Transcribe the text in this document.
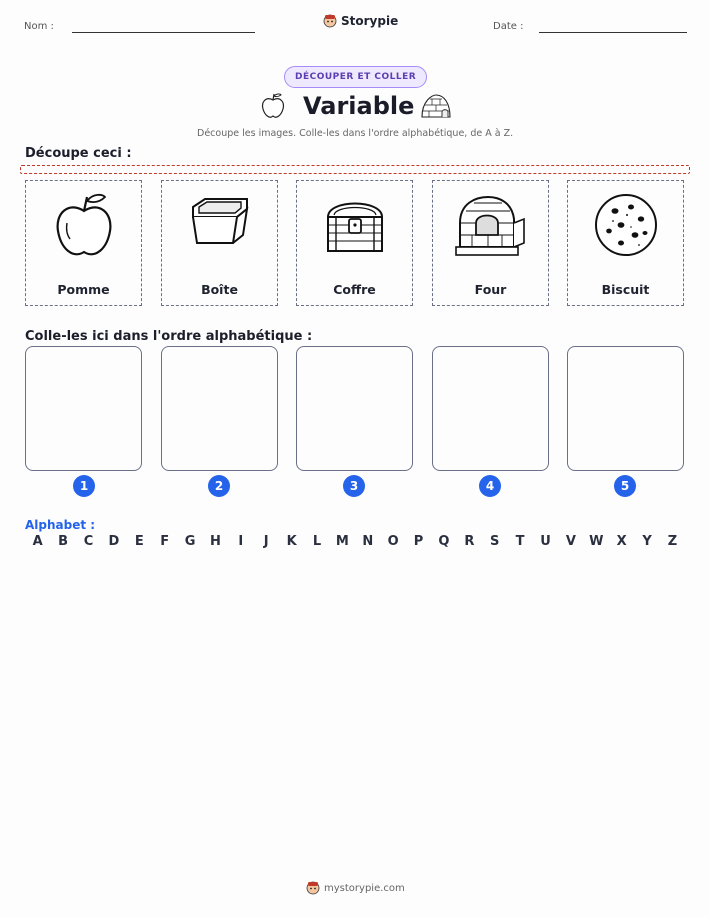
Nom :	Storypie	Date :
DÉCOUPER ET COLLER
Variable
Découpe les images. Colle-les dans l'ordre alphabétique, de A à Z.
Découpe ceci :
Pomme	Boîte	Coffre	Four	Biscuit
Colle-les ici dans l'ordre alphabétique :
1	2	3	4	5
Alphabet :
A	B	C	D	E	F	G	H	I	J	K	L	M	N	O	P	Q	R	S	T	U	V	W	X	Y	Z
mystorypie.com
